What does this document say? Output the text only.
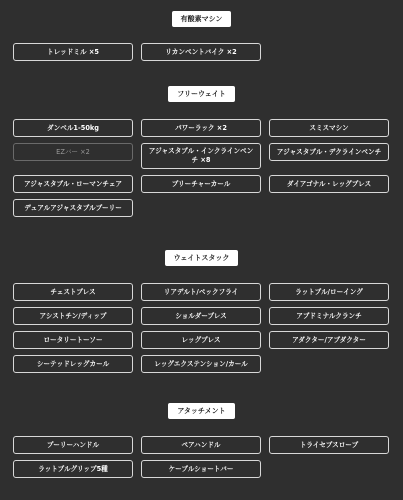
有酸素マシン
トレッドミル ×5	リカンベントバイク ×2
フリーウェイト
ダンベル1-50kg	パワーラック ×2	スミスマシン
EZバー ×2	アジャスタブル・インクラインベンチ ×8
アジャスタブル・デクラインベンチ
アジャスタブル・ローマンチェア	プリーチャーカール	ダイアゴナル・レッグプレス
デュアルアジャスタブルプーリー
ウェイトスタック
チェストプレス	リアデルト/ペックフライ	ラットプル/ローイング
アシストチン/ディップ	ショルダープレス	アブドミナルクランチ
ロータリートーソー	レッグプレス	アダクター/アブダクター
シーテッドレッグカール	レッグエクステンション/カール
アタッチメント
プーリーハンドル	ペアハンドル	トライセプスロープ
ラットプルグリップ5種	ケーブルショートバー
